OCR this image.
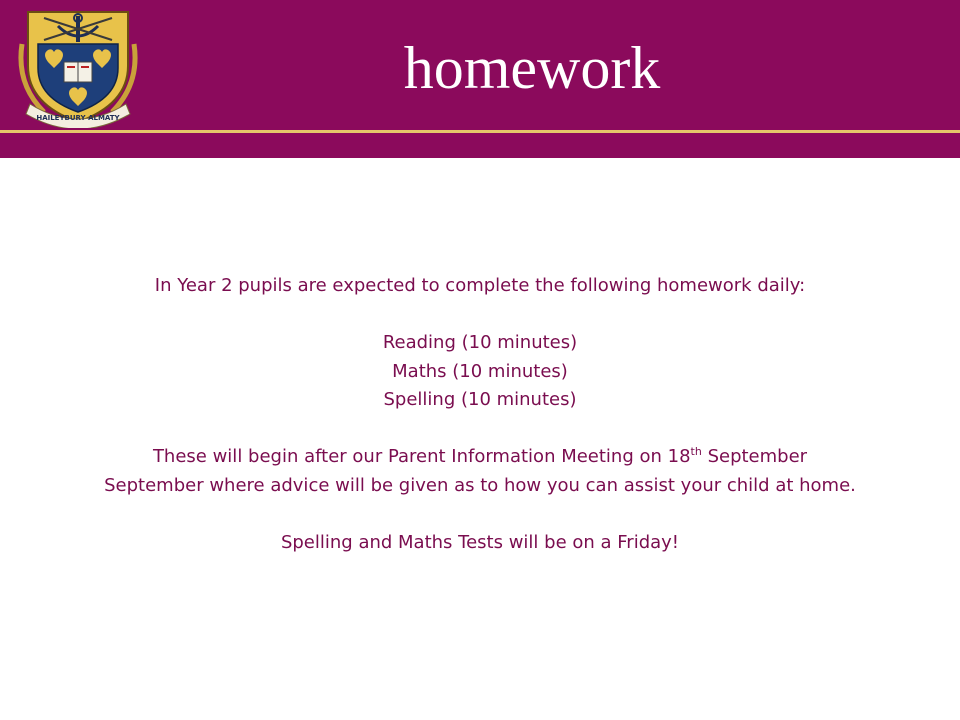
HAILEYBURY ALMATY
homework

In Year 2 pupils are expected to complete the following homework daily:

Reading (10 minutes)

Maths (10 minutes)

Spelling (10 minutes)

These will begin after our Parent Information Meeting on 18th September

September where advice will be given as to how you can assist your child at home.

Spelling and Maths Tests will be on a Friday!
